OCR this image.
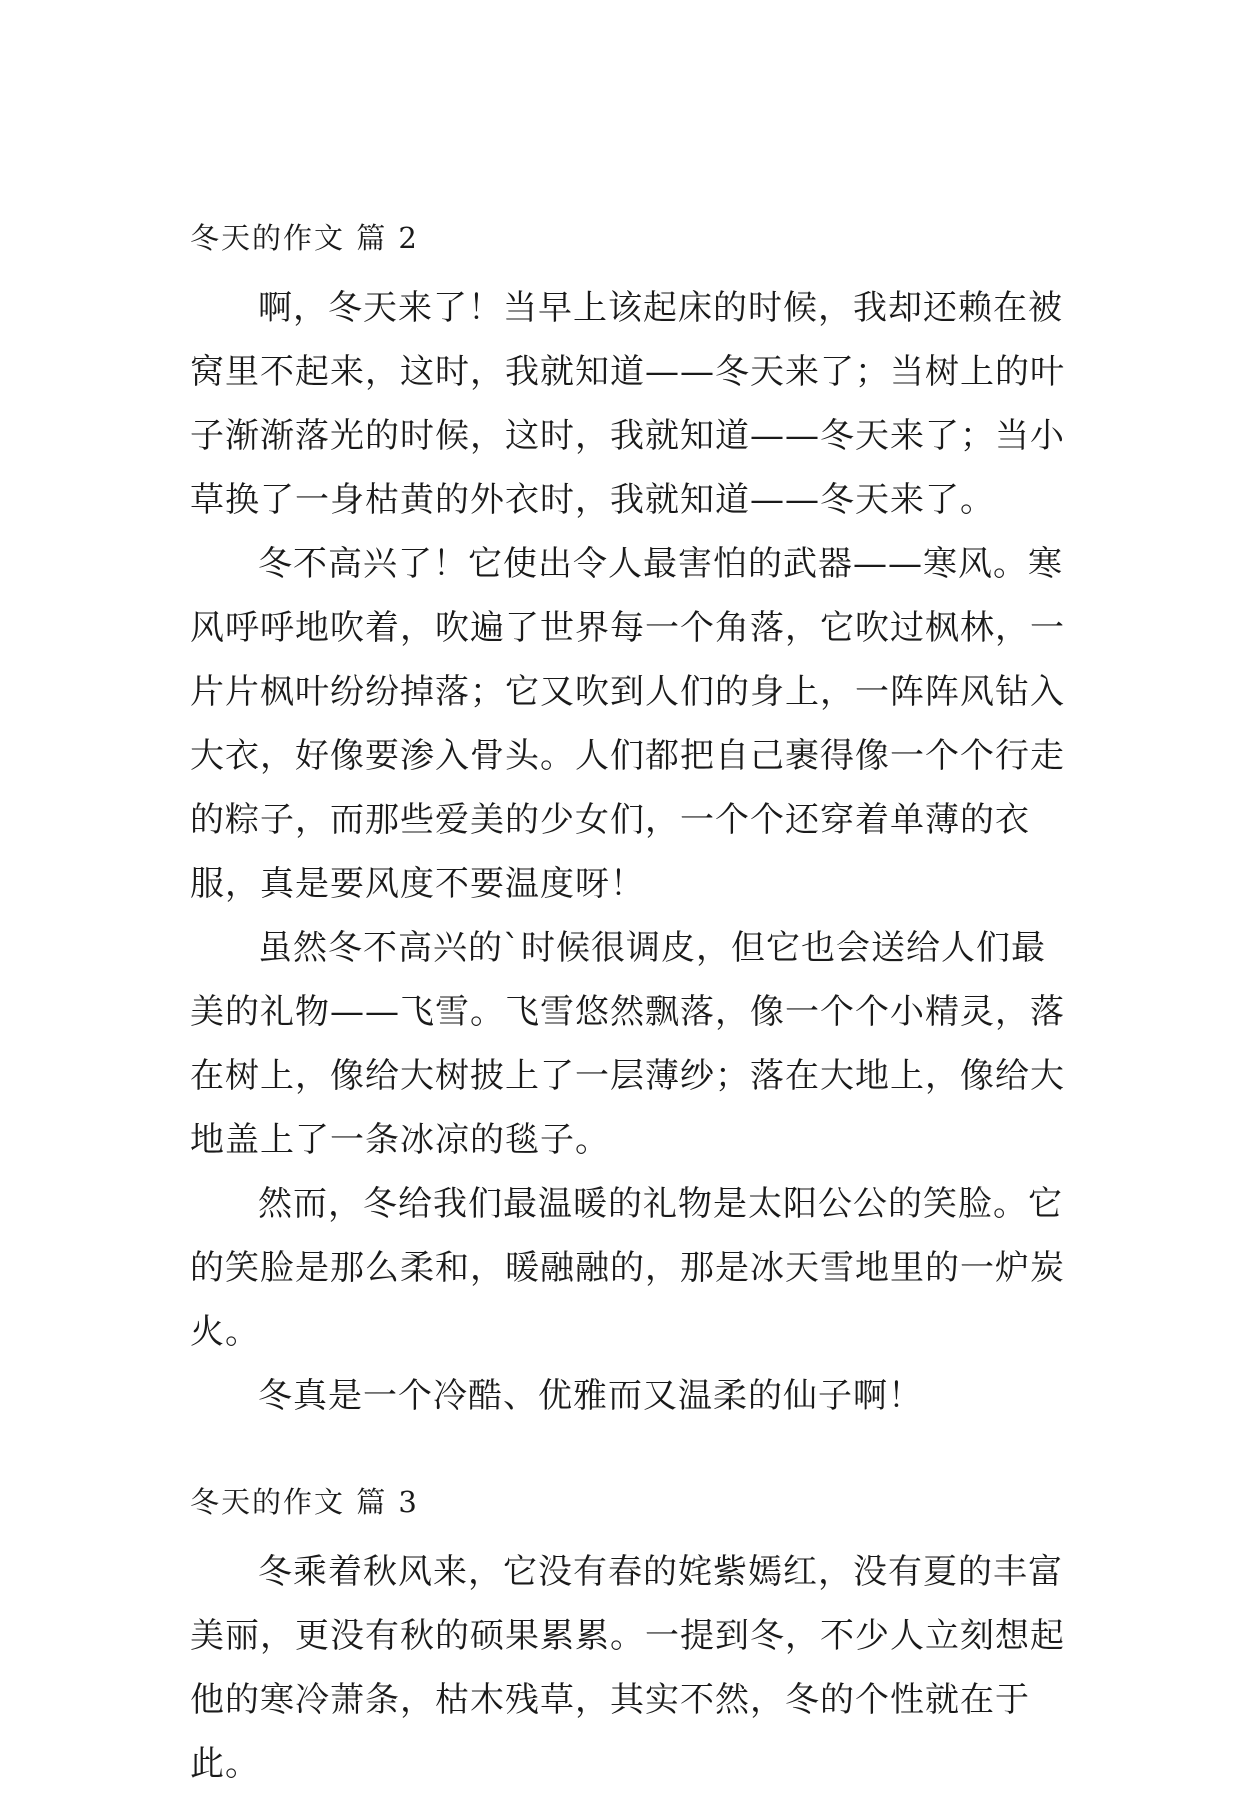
冬天的作文 篇 2

啊，冬天来了！当早上该起床的时候，我却还赖在被窝里不起来，这时，我就知道——冬天来了；当树上的叶子渐渐落光的时候，这时，我就知道——冬天来了；当小草换了一身枯黄的外衣时，我就知道——冬天来了。

冬不高兴了！它使出令人最害怕的武器——寒风。寒风呼呼地吹着，吹遍了世界每一个角落，它吹过枫林，一片片枫叶纷纷掉落；它又吹到人们的身上，一阵阵风钻入大衣，好像要渗入骨头。人们都把自己裹得像一个个行走的粽子，而那些爱美的少女们，一个个还穿着单薄的衣服，真是要风度不要温度呀！

虽然冬不高兴的`时候很调皮，但它也会送给人们最美的礼物——飞雪。飞雪悠然飘落，像一个个小精灵，落在树上，像给大树披上了一层薄纱；落在大地上，像给大地盖上了一条冰凉的毯子。

然而，冬给我们最温暖的礼物是太阳公公的笑脸。它的笑脸是那么柔和，暖融融的，那是冰天雪地里的一炉炭火。

冬真是一个冷酷、优雅而又温柔的仙子啊！

冬天的作文 篇 3

冬乘着秋风来，它没有春的姹紫嫣红，没有夏的丰富美丽，更没有秋的硕果累累。一提到冬，不少人立刻想起他的寒冷萧条，枯木残草，其实不然，冬的个性就在于此。
